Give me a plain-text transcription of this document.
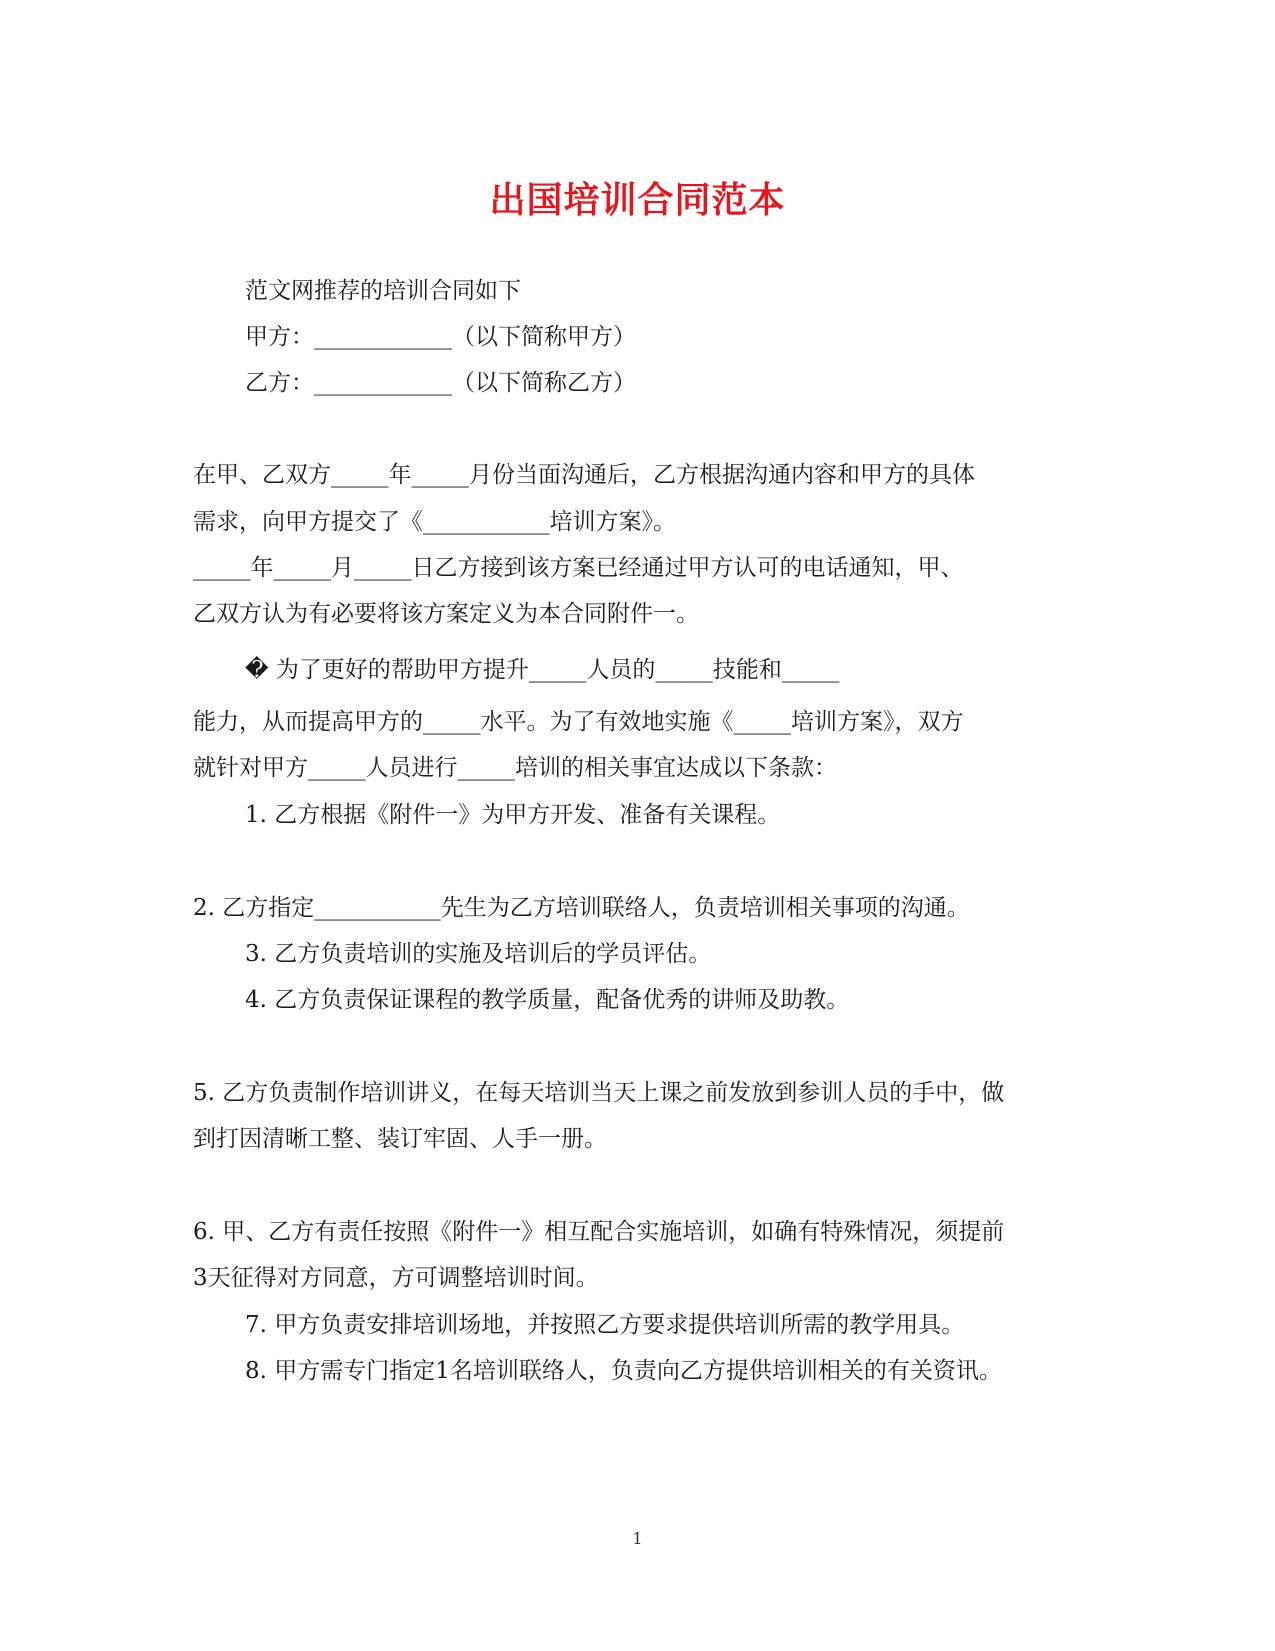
出国培训合同范本
范文网推荐的培训合同如下
甲方：____________（以下简称甲方）
乙方：____________（以下简称乙方）
在甲、乙双方_____年_____月份当面沟通后，乙方根据沟通内容和甲方的具体
需求，向甲方提交了《___________培训方案》。
_____年_____月_____日乙方接到该方案已经通过甲方认可的电话通知，甲、
乙双方认为有必要将该方案定义为本合同附件一。
� 为了更好的帮助甲方提升_____人员的_____技能和_____
能力，从而提高甲方的_____水平。为了有效地实施《_____培训方案》，双方
就针对甲方_____人员进行_____培训的相关事宜达成以下条款：
1. 乙方根据《附件一》为甲方开发、准备有关课程。
2. 乙方指定___________先生为乙方培训联络人，负责培训相关事项的沟通。
3. 乙方负责培训的实施及培训后的学员评估。
4. 乙方负责保证课程的教学质量，配备优秀的讲师及助教。
5. 乙方负责制作培训讲义，在每天培训当天上课之前发放到参训人员的手中，做
到打因清晰工整、装订牢固、人手一册。
6. 甲、乙方有责任按照《附件一》相互配合实施培训，如确有特殊情况，须提前
3天征得对方同意，方可调整培训时间。
7. 甲方负责安排培训场地，并按照乙方要求提供培训所需的教学用具。
8. 甲方需专门指定1名培训联络人，负责向乙方提供培训相关的有关资讯。
1
